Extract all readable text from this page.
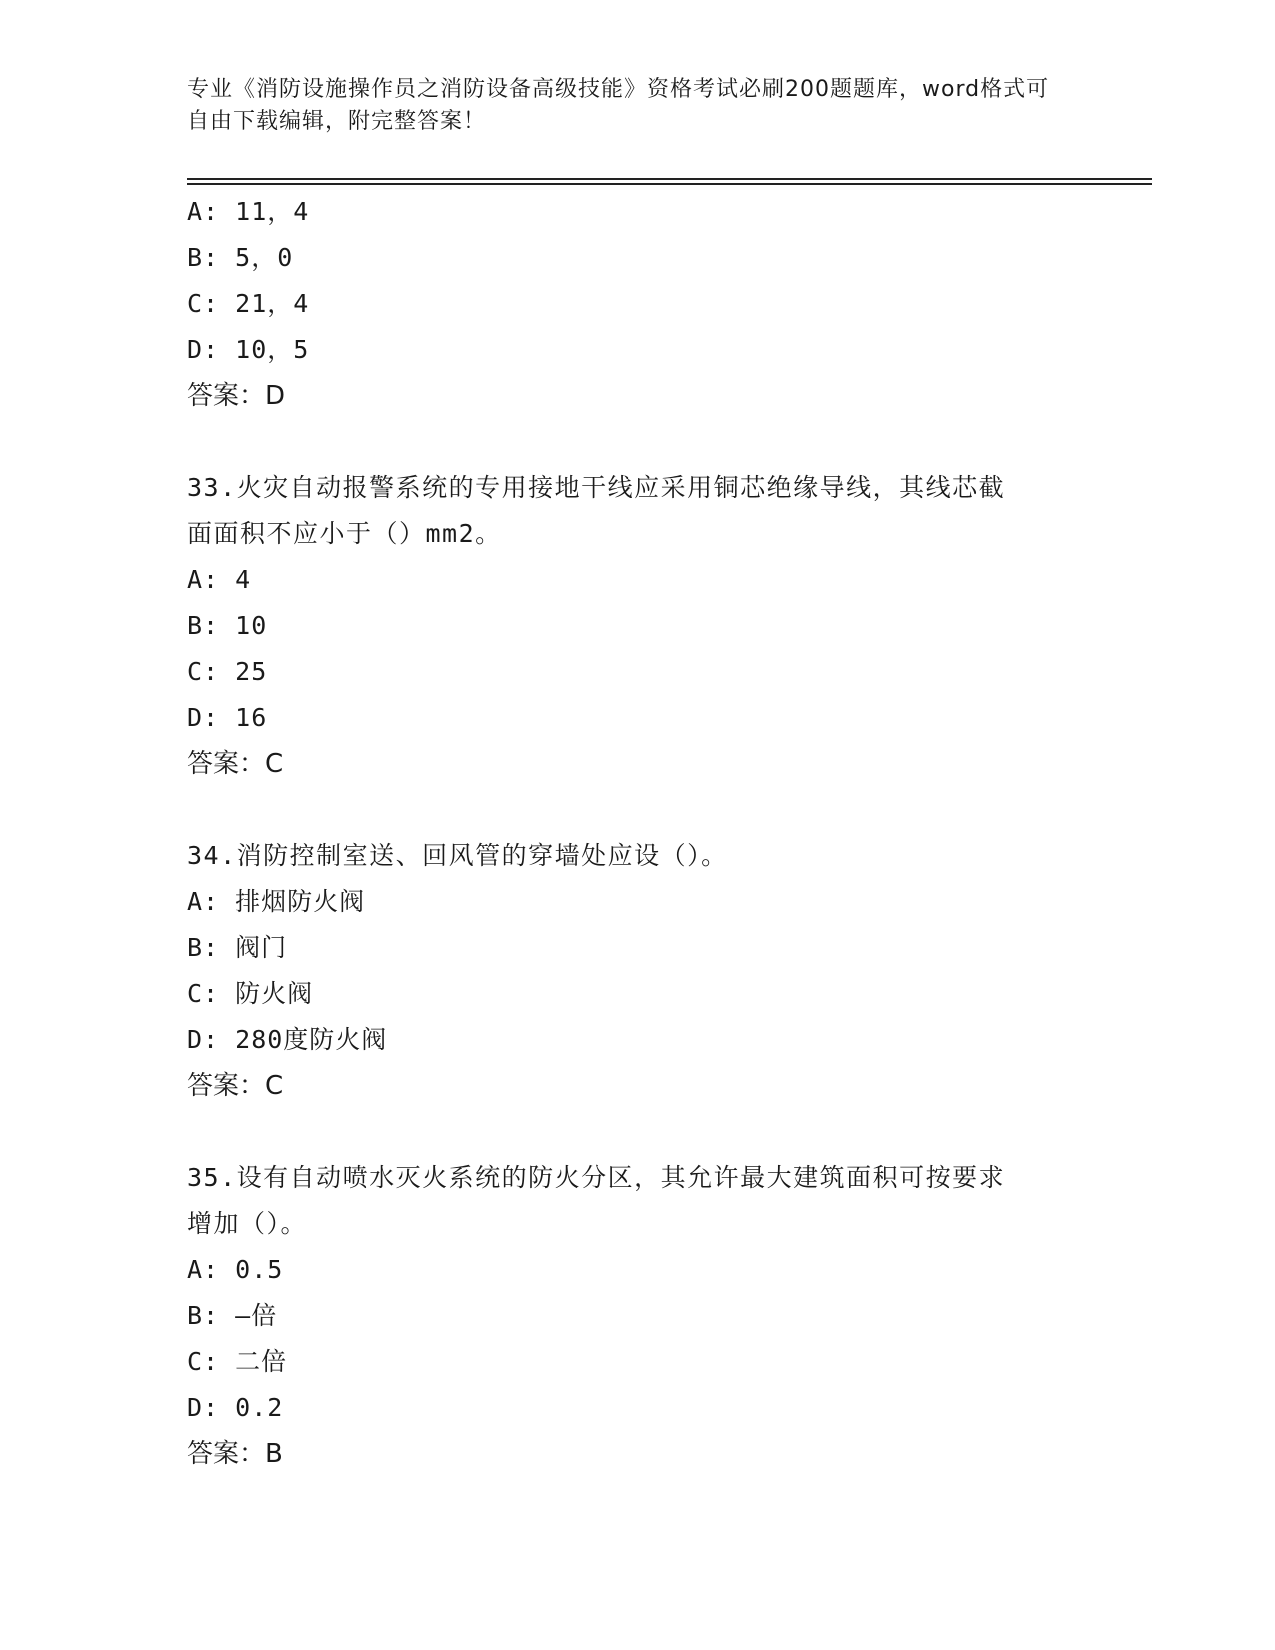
专业《消防设施操作员之消防设备高级技能》资格考试必刷200题题库，word格式可自由下载编辑，附完整答案！
A: 11，4
B: 5，0
C: 21，4
D: 10，5
答案：D
33.火灾自动报警系统的专用接地干线应采用铜芯绝缘导线，其线芯截
面面积不应小于（）mm2。
A: 4
B: 10
C: 25
D: 16
答案：C
34.消防控制室送、回风管的穿墙处应设（）。
A: 排烟防火阀
B: 阀门
C: 防火阀
D: 280度防火阀
答案：C
35.设有自动喷水灭火系统的防火分区，其允许最大建筑面积可按要求
增加（）。
A: 0.5
B: —倍
C: 二倍
D: 0.2
答案：B
